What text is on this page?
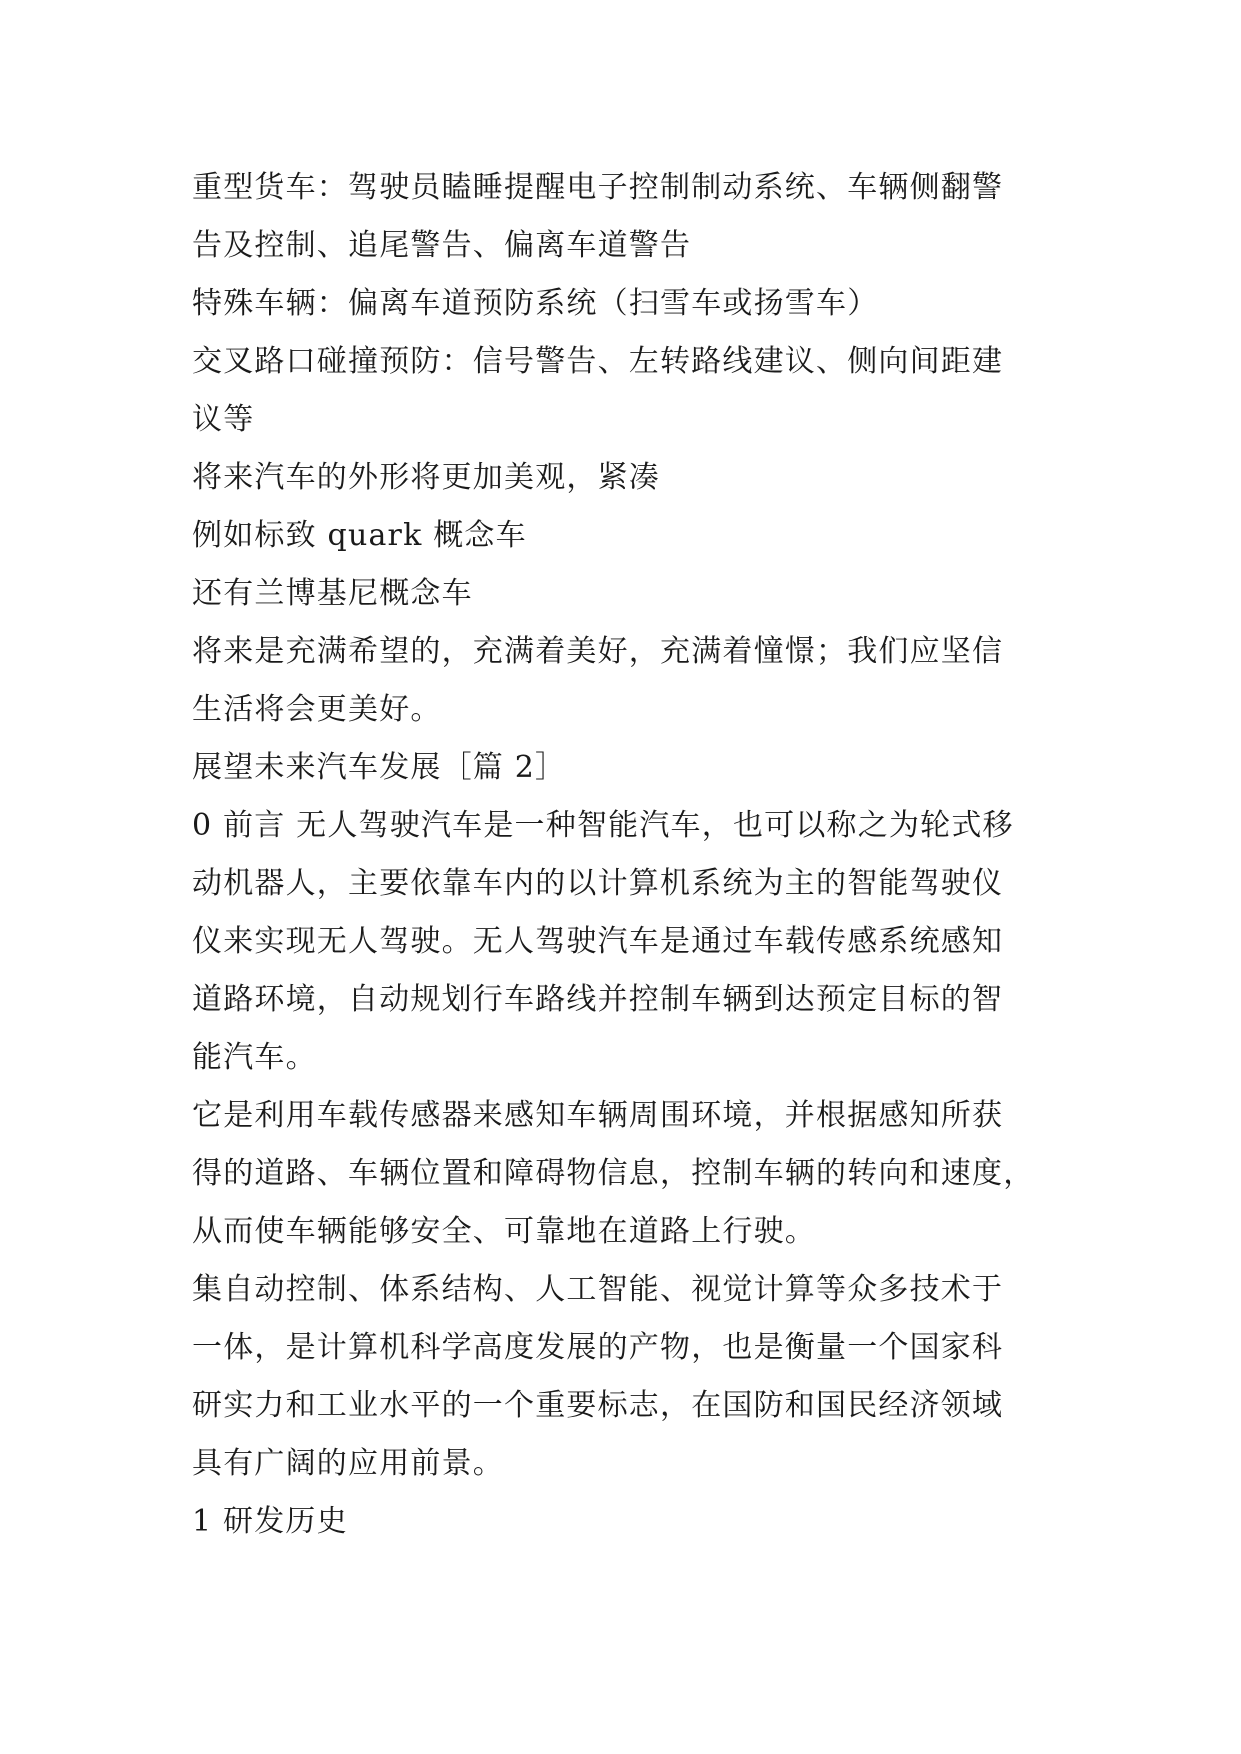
重型货车：驾驶员瞌睡提醒电子控制制动系统、车辆侧翻警
告及控制、追尾警告、偏离车道警告
特殊车辆：偏离车道预防系统（扫雪车或扬雪车）
交叉路口碰撞预防：信号警告、左转路线建议、侧向间距建
议等
将来汽车的外形将更加美观，紧凑
例如标致 quark 概念车
还有兰博基尼概念车
将来是充满希望的，充满着美好，充满着憧憬；我们应坚信
生活将会更美好。
展望未来汽车发展［篇 2］
0 前言 无人驾驶汽车是一种智能汽车，也可以称之为轮式移
动机器人，主要依靠车内的以计算机系统为主的智能驾驶仪
仪来实现无人驾驶。无人驾驶汽车是通过车载传感系统感知
道路环境，自动规划行车路线并控制车辆到达预定目标的智
能汽车。
它是利用车载传感器来感知车辆周围环境，并根据感知所获
得的道路、车辆位置和障碍物信息，控制车辆的转向和速度，
从而使车辆能够安全、可靠地在道路上行驶。
集自动控制、体系结构、人工智能、视觉计算等众多技术于
一体，是计算机科学高度发展的产物，也是衡量一个国家科
研实力和工业水平的一个重要标志，在国防和国民经济领域
具有广阔的应用前景。
1 研发历史
